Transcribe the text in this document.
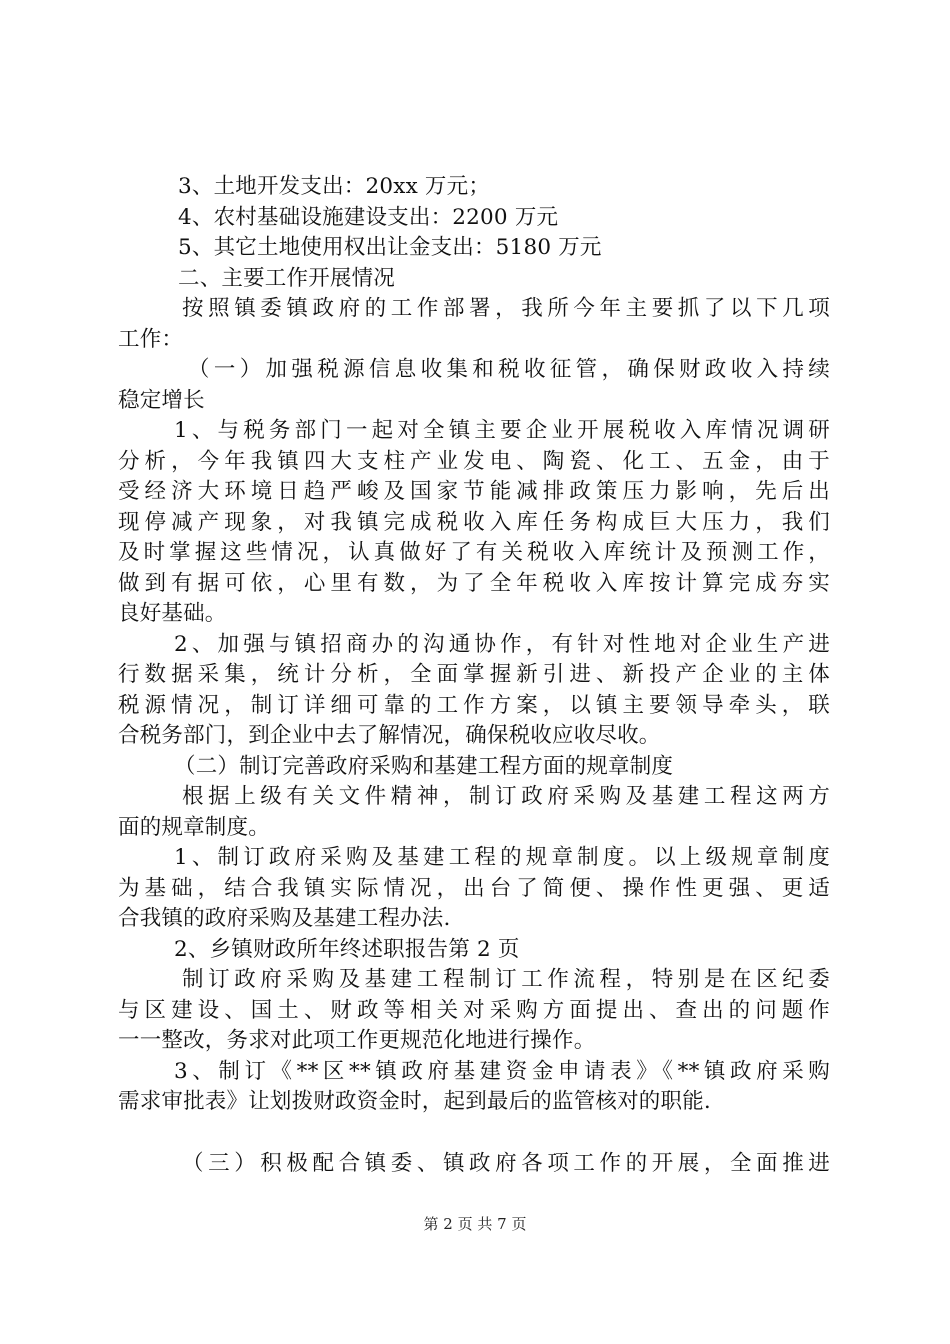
3、土地开发支出：20xx 万元；
4、农村基础设施建设支出：2200 万元
5、其它土地使用权出让金支出：5180 万元
二、主要工作开展情况
按照镇委镇政府的工作部署，我所今年主要抓了以下几项
工作：
（一）加强税源信息收集和税收征管，确保财政收入持续
稳定增长
1、与税务部门一起对全镇主要企业开展税收入库情况调研
分析，今年我镇四大支柱产业发电、陶瓷、化工、五金，由于
受经济大环境日趋严峻及国家节能减排政策压力影响，先后出
现停减产现象，对我镇完成税收入库任务构成巨大压力，我们
及时掌握这些情况，认真做好了有关税收入库统计及预测工作，
做到有据可依，心里有数，为了全年税收入库按计算完成夯实
良好基础。
2、加强与镇招商办的沟通协作，有针对性地对企业生产进
行数据采集，统计分析，全面掌握新引进、新投产企业的主体
税源情况，制订详细可靠的工作方案，以镇主要领导牵头，联
合税务部门，到企业中去了解情况，确保税收应收尽收。
（二）制订完善政府采购和基建工程方面的规章制度
根据上级有关文件精神，制订政府采购及基建工程这两方
面的规章制度。
1、制订政府采购及基建工程的规章制度。以上级规章制度
为基础，结合我镇实际情况，出台了简便、操作性更强、更适
合我镇的政府采购及基建工程办法.
2、乡镇财政所年终述职报告第 2 页
制订政府采购及基建工程制订工作流程，特别是在区纪委
与区建设、国土、财政等相关对采购方面提出、查出的问题作
一一整改，务求对此项工作更规范化地进行操作。
3、制订《**区**镇政府基建资金申请表》《**镇政府采购
需求审批表》让划拨财政资金时，起到最后的监管核对的职能.
（三）积极配合镇委、镇政府各项工作的开展，全面推进
第 2 页 共 7 页
